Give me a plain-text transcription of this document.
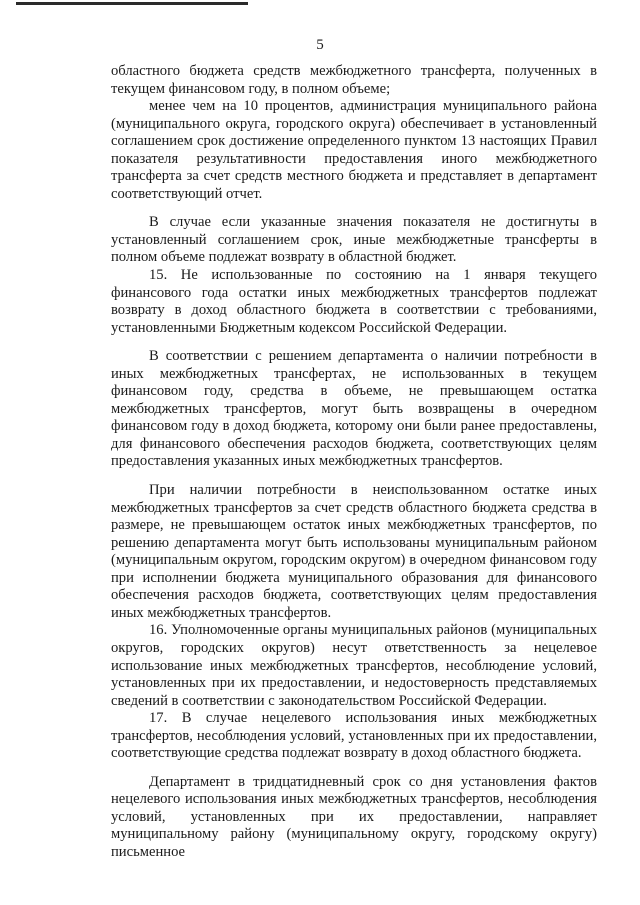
5

областного бюджета средств межбюджетного трансферта, полученных в текущем финансовом году, в полном объеме;

менее чем на 10 процентов, администрация муниципального района (муниципального округа, городского округа) обеспечивает в установленный соглашением срок достижение определенного пунктом 13 настоящих Правил показателя результативности предоставления иного межбюджетного трансферта за счет средств местного бюджета и представляет в департамент соответствующий отчет.

В случае если указанные значения показателя не достигнуты в установленный соглашением срок, иные межбюджетные трансферты в полном объеме подлежат возврату в областной бюджет.

15. Не использованные по состоянию на 1 января текущего финансового года остатки иных межбюджетных трансфертов подлежат возврату в доход областного бюджета в соответствии с требованиями, установленными Бюджетным кодексом Российской Федерации.

В соответствии с решением департамента о наличии потребности в иных межбюджетных трансфертах, не использованных в текущем финансовом году, средства в объеме, не превышающем остатка межбюджетных трансфертов, могут быть возвращены в очередном финансовом году в доход бюджета, которому они были ранее предоставлены, для финансового обеспечения расходов бюджета, соответствующих целям предоставления указанных иных межбюджетных трансфертов.

При наличии потребности в неиспользованном остатке иных межбюджетных трансфертов за счет средств областного бюджета средства в размере, не превышающем остаток иных межбюджетных трансфертов, по решению департамента могут быть использованы муниципальным районом (муниципальным округом, городским округом) в очередном финансовом году при исполнении бюджета муниципального образования для финансового обеспечения расходов бюджета, соответствующих целям предоставления иных межбюджетных трансфертов.

16. Уполномоченные органы муниципальных районов (муниципальных округов, городских округов) несут ответственность за нецелевое использование иных межбюджетных трансфертов, несоблюдение условий, установленных при их предоставлении, и недостоверность представляемых сведений в соответствии с законодательством Российской Федерации.

17. В случае нецелевого использования иных межбюджетных трансфертов, несоблюдения условий, установленных при их предоставлении, соответствующие средства подлежат возврату в доход областного бюджета.

Департамент в тридцатидневный срок со дня установления фактов нецелевого использования иных межбюджетных трансфертов, несоблюдения условий, установленных при их предоставлении, направляет муниципальному району (муниципальному округу, городскому округу) письменное
